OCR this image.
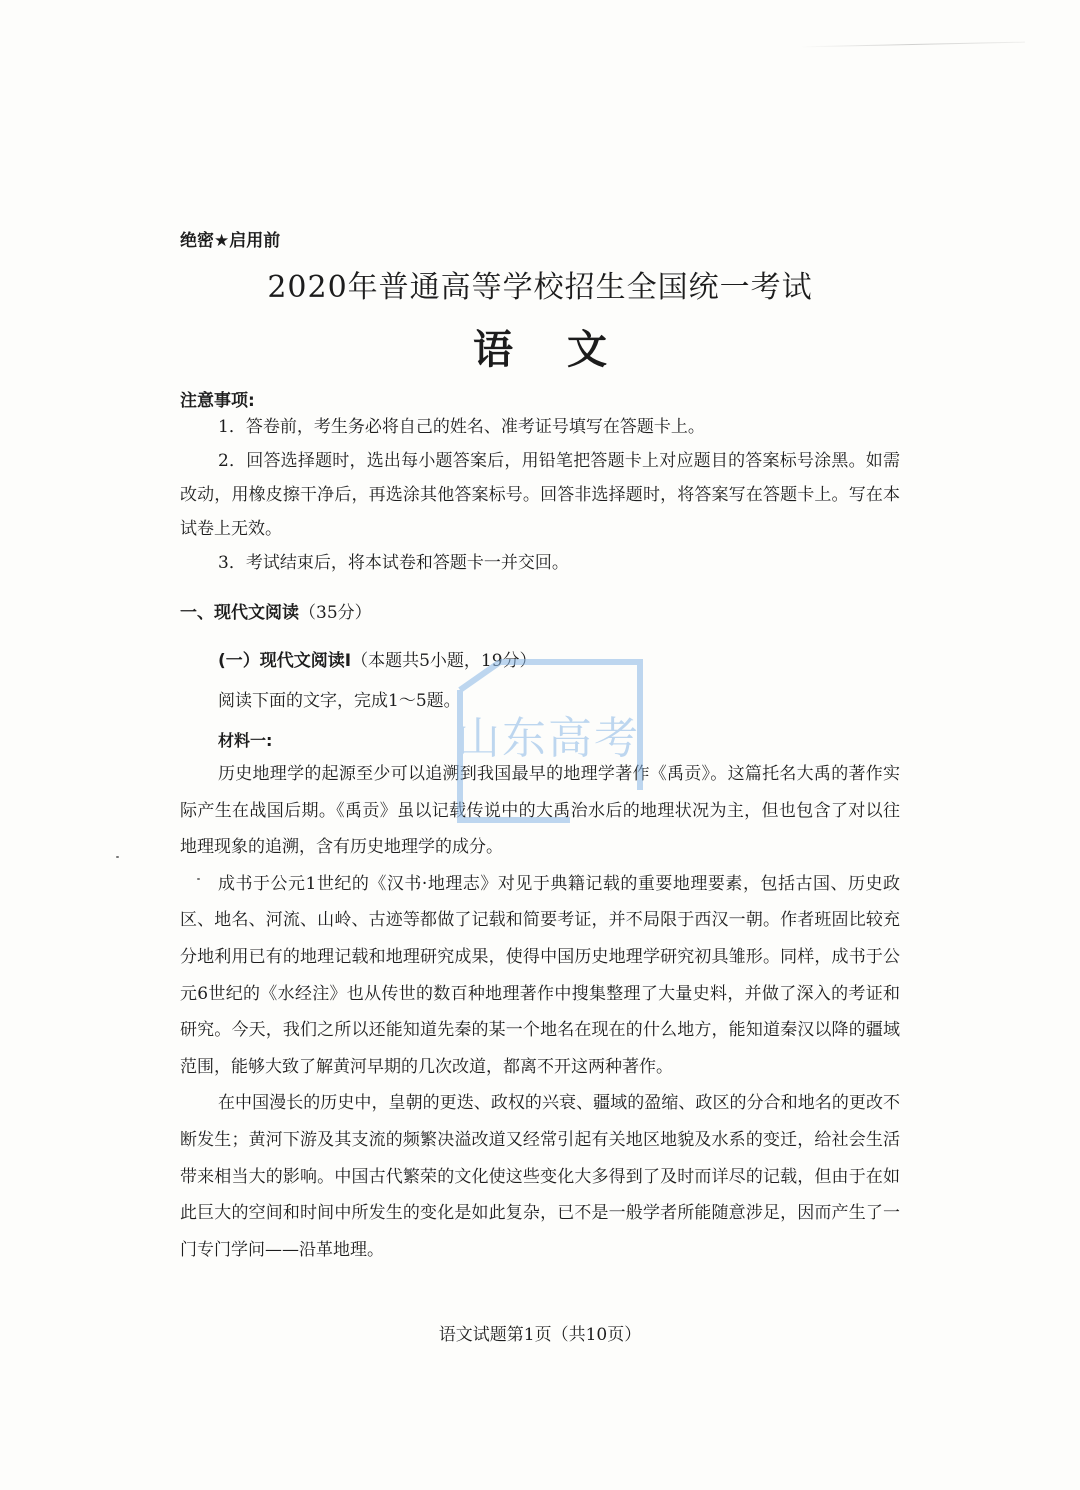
绝密★启用前
2020年普通高等学校招生全国统一考试
语文
注意事项:

1．答卷前，考生务必将自己的姓名、准考证号填写在答题卡上。

2．回答选择题时，选出每小题答案后，用铅笔把答题卡上对应题目的答案标号涂黑。如需改动，用橡皮擦干净后，再选涂其他答案标号。回答非选择题时，将答案写在答题卡上。写在本试卷上无效。

3．考试结束后，将本试卷和答题卡一并交回。

一、现代文阅读（35分）
(一）现代文阅读Ⅰ（本题共5小题，19分）
阅读下面的文字，完成1～5题。
材料一:

历史地理学的起源至少可以追溯到我国最早的地理学著作《禹贡》。这篇托名大禹的著作实际产生在战国后期。《禹贡》虽以记载传说中的大禹治水后的地理状况为主，但也包含了对以往地理现象的追溯，含有历史地理学的成分。

成书于公元1世纪的《汉书·地理志》对见于典籍记载的重要地理要素，包括古国、历史政区、地名、河流、山岭、古迹等都做了记载和简要考证，并不局限于西汉一朝。作者班固比较充分地利用已有的地理记载和地理研究成果，使得中国历史地理学研究初具雏形。同样，成书于公元6世纪的《水经注》也从传世的数百种地理著作中搜集整理了大量史料，并做了深入的考证和研究。今天，我们之所以还能知道先秦的某一个地名在现在的什么地方，能知道秦汉以降的疆域范围，能够大致了解黄河早期的几次改道，都离不开这两种著作。

在中国漫长的历史中，皇朝的更迭、政权的兴衰、疆域的盈缩、政区的分合和地名的更改不断发生；黄河下游及其支流的频繁决溢改道又经常引起有关地区地貌及水系的变迁，给社会生活带来相当大的影响。中国古代繁荣的文化使这些变化大多得到了及时而详尽的记载，但由于在如此巨大的空间和时间中所发生的变化是如此复杂，已不是一般学者所能随意涉足，因而产生了一门专门学问——沿革地理。

山东高考
语文试题第1页（共10页）
